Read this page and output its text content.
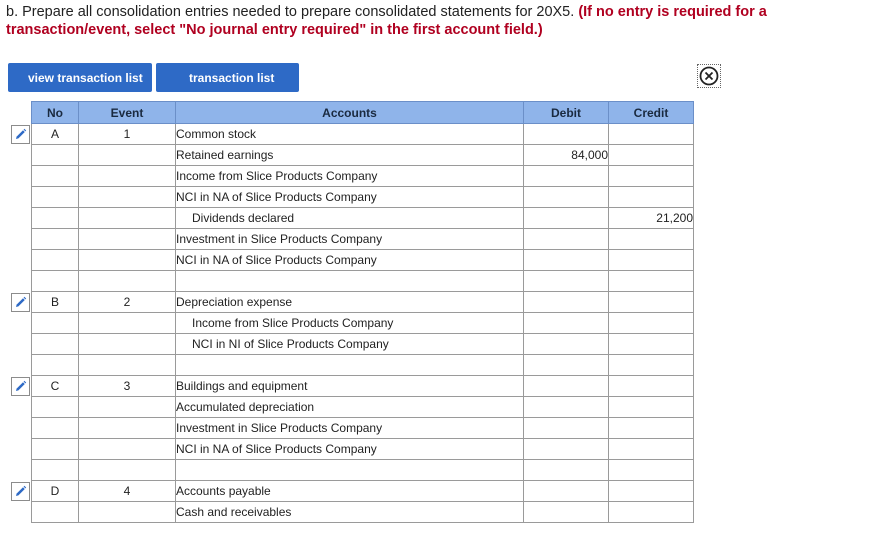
b. Prepare all consolidation entries needed to prepare consolidated statements for 20X5. (If no entry is required for a transaction/event, select "No journal entry required" in the first account field.)
view transaction list	transaction list
No	Event	Accounts	Debit	Credit
A	1	Common stock		
		Retained earnings	84,000	
		Income from Slice Products Company		
		NCI in NA of Slice Products Company		
		Dividends declared		21,200
		Investment in Slice Products Company		
		NCI in NA of Slice Products Company		

B	2	Depreciation expense		
		Income from Slice Products Company		
		NCI in NI of Slice Products Company		

C	3	Buildings and equipment		
		Accumulated depreciation		
		Investment in Slice Products Company		
		NCI in NA of Slice Products Company		

D	4	Accounts payable		
		Cash and receivables		
